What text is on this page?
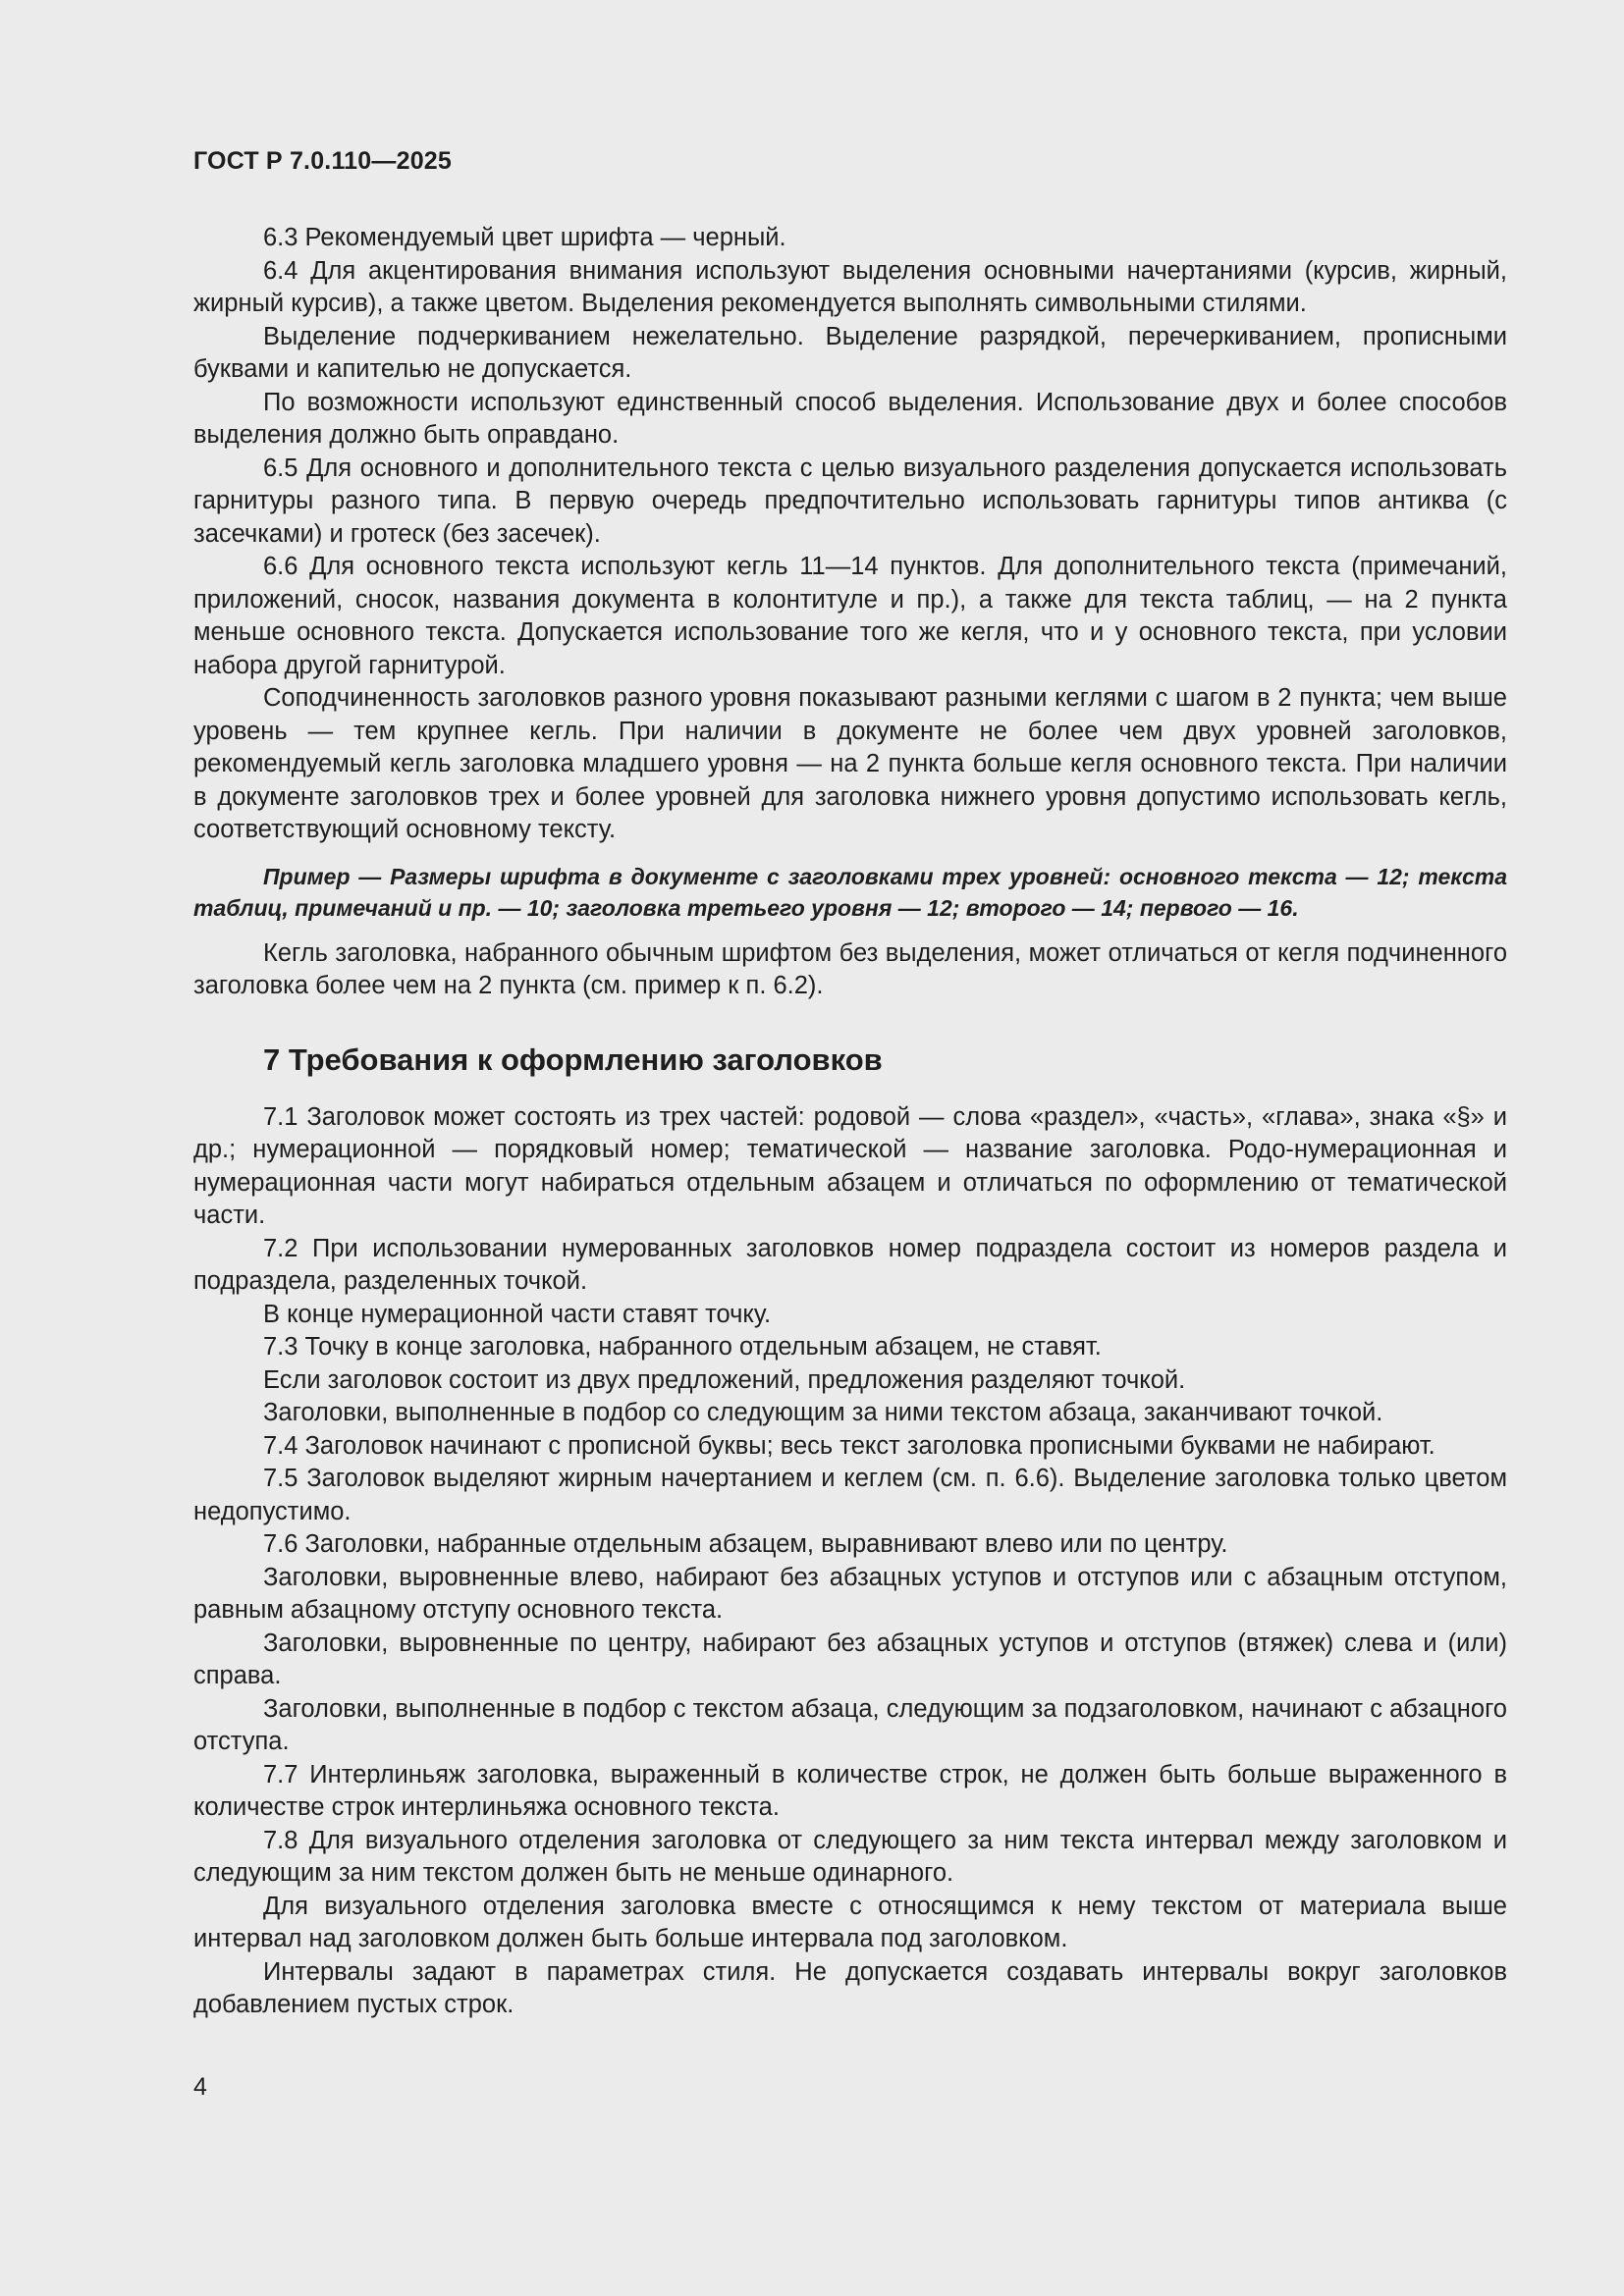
ГОСТ Р 7.0.110—2025

6.3 Рекомендуемый цвет шрифта — черный.

6.4 Для акцентирования внимания используют выделения основными начертаниями (курсив, жирный, жирный курсив), а также цветом. Выделения рекомендуется выполнять символьными стилями.

Выделение подчеркиванием нежелательно. Выделение разрядкой, перечеркиванием, прописными буквами и капителью не допускается.

По возможности используют единственный способ выделения. Использование двух и более способов выделения должно быть оправдано.

6.5 Для основного и дополнительного текста с целью визуального разделения допускается использовать гарнитуры разного типа. В первую очередь предпочтительно использовать гарнитуры типов антиква (с засечками) и гротеск (без засечек).

6.6 Для основного текста используют кегль 11—14 пунктов. Для дополнительного текста (примечаний, приложений, сносок, названия документа в колонтитуле и пр.), а также для текста таблиц, — на 2 пункта меньше основного текста. Допускается использование того же кегля, что и у основного текста, при условии набора другой гарнитурой.

Соподчиненность заголовков разного уровня показывают разными кеглями с шагом в 2 пункта; чем выше уровень — тем крупнее кегль. При наличии в документе не более чем двух уровней заголовков, рекомендуемый кегль заголовка младшего уровня — на 2 пункта больше кегля основного текста. При наличии в документе заголовков трех и более уровней для заголовка нижнего уровня допустимо использовать кегль, соответствующий основному тексту.

Пример — Размеры шрифта в документе с заголовками трех уровней: основного текста — 12; текста таблиц, примечаний и пр. — 10; заголовка третьего уровня — 12; второго — 14; первого — 16.

Кегль заголовка, набранного обычным шрифтом без выделения, может отличаться от кегля подчиненного заголовка более чем на 2 пункта (см. пример к п. 6.2).

7 Требования к оформлению заголовков

7.1 Заголовок может состоять из трех частей: родовой — слова «раздел», «часть», «глава», знака «§» и др.; нумерационной — порядковый номер; тематической — название заголовка. Родо-нумерационная и нумерационная части могут набираться отдельным абзацем и отличаться по оформлению от тематической части.

7.2 При использовании нумерованных заголовков номер подраздела состоит из номеров раздела и подраздела, разделенных точкой.

В конце нумерационной части ставят точку.

7.3 Точку в конце заголовка, набранного отдельным абзацем, не ставят.

Если заголовок состоит из двух предложений, предложения разделяют точкой.

Заголовки, выполненные в подбор со следующим за ними текстом абзаца, заканчивают точкой.

7.4 Заголовок начинают с прописной буквы; весь текст заголовка прописными буквами не набирают.

7.5 Заголовок выделяют жирным начертанием и кеглем (см. п. 6.6). Выделение заголовка только цветом недопустимо.

7.6 Заголовки, набранные отдельным абзацем, выравнивают влево или по центру.

Заголовки, выровненные влево, набирают без абзацных уступов и отступов или с абзацным отступом, равным абзацному отступу основного текста.

Заголовки, выровненные по центру, набирают без абзацных уступов и отступов (втяжек) слева и (или) справа.

Заголовки, выполненные в подбор с текстом абзаца, следующим за подзаголовком, начинают с абзацного отступа.

7.7 Интерлиньяж заголовка, выраженный в количестве строк, не должен быть больше выраженного в количестве строк интерлиньяжа основного текста.

7.8 Для визуального отделения заголовка от следующего за ним текста интервал между заголовком и следующим за ним текстом должен быть не меньше одинарного.

Для визуального отделения заголовка вместе с относящимся к нему текстом от материала выше интервал над заголовком должен быть больше интервала под заголовком.

Интервалы задают в параметрах стиля. Не допускается создавать интервалы вокруг заголовков добавлением пустых строк.

4
